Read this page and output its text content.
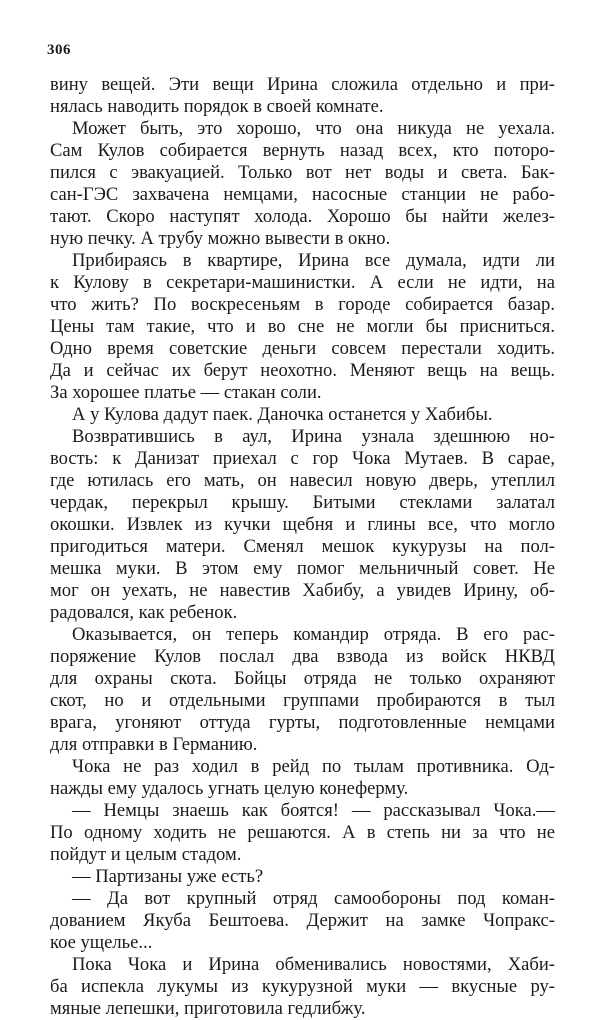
306
вину вещей. Эти вещи Ирина сложила отдельно и при-
нялась наводить порядок в своей комнате.
Может быть, это хорошо, что она никуда не уехала.
Сам Кулов собирается вернуть назад всех, кто потoро-
пился с эвакуацией. Только вот нет воды и света. Бак-
сан-ГЭС захвачена немцами, насосные станции не рабо-
тают. Скоро наступят холода. Хорошо бы найти желез-
ную печку. А трубу можно вывести в окно.
Прибираясь в квартире, Ирина все думала, идти ли
к Кулову в секретари-машинистки. А если не идти, на
что жить? По воскресеньям в городе собирается базар.
Цены там такие, что и во сне не могли бы присниться.
Одно время советские деньги совсем перестали ходить.
Да и сейчас их берут неохотно. Меняют вещь на вещь.
За хорошее платье — стакан соли.
А у Кулова дадут паек. Даночка останется у Хабибы.
Возвратившись в аул, Ирина узнала здешнюю но-
вость: к Данизат приехал с гор Чока Мутаев. В сарае,
где ютилась его мать, он навесил новую дверь, утеплил
чердак, перекрыл крышу. Битыми стеклами залатал
окошки. Извлек из кучки щебня и глины все, что могло
пригодиться матери. Сменял мешок кукурузы на пол-
мешка муки. В этом ему помог мельничный совет. Не
мог он уехать, не навестив Хабибу, а увидев Ирину, об-
радовался, как ребенок.
Оказывается, он теперь командир отряда. В его рас-
поряжение Кулов послал два взвода из войск НКВД
для охраны скота. Бойцы отряда не только охраняют
скот, но и отдельными группами пробираются в тыл
врага, угоняют оттуда гурты, подготовленные немцами
для отправки в Германию.
Чока не раз ходил в рейд по тылам противника. Од-
нажды ему удалось угнать целую конеферму.
— Немцы знаешь как боятся! — рассказывал Чока.—
По одному ходить не решаются. А в степь ни за что не
пойдут и целым стадом.
— Партизаны уже есть?
— Да вот крупный отряд самообороны под коман-
дованием Якуба Бештоева. Держит на замке Чопракс-
кое ущелье...
Пока Чока и Ирина обменивались новостями, Хаби-
ба испекла лукумы из кукурузной муки — вкусные ру-
мяные лепешки, приготовила гедлибжу.
